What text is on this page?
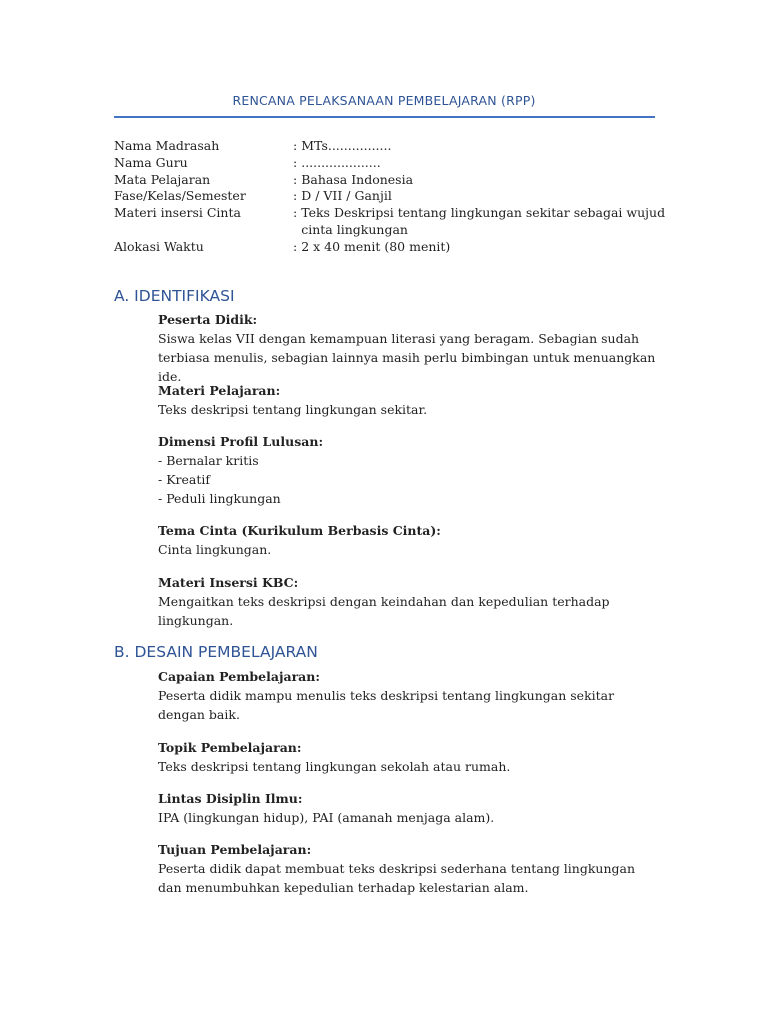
RENCANA PELAKSANAAN PEMBELAJARAN (RPP)
Nama Madrasah	: MTs................
Nama Guru	: ....................
Mata Pelajaran	: Bahasa Indonesia
Fase/Kelas/Semester	: D / VII / Ganjil
Materi insersi Cinta	: Teks Deskripsi tentang lingkungan sekitar sebagai wujud cinta lingkungan
Alokasi Waktu	: 2 x 40 menit (80 menit)
A. IDENTIFIKASI
Peserta Didik:
Siswa kelas VII dengan kemampuan literasi yang beragam. Sebagian sudah terbiasa menulis, sebagian lainnya masih perlu bimbingan untuk menuangkan ide.
Materi Pelajaran:
Teks deskripsi tentang lingkungan sekitar.
Dimensi Profil Lulusan:
- Bernalar kritis
- Kreatif
- Peduli lingkungan
Tema Cinta (Kurikulum Berbasis Cinta):
Cinta lingkungan.
Materi Insersi KBC:
Mengaitkan teks deskripsi dengan keindahan dan kepedulian terhadap lingkungan.
B. DESAIN PEMBELAJARAN
Capaian Pembelajaran:
Peserta didik mampu menulis teks deskripsi tentang lingkungan sekitar dengan baik.
Topik Pembelajaran:
Teks deskripsi tentang lingkungan sekolah atau rumah.
Lintas Disiplin Ilmu:
IPA (lingkungan hidup), PAI (amanah menjaga alam).
Tujuan Pembelajaran:
Peserta didik dapat membuat teks deskripsi sederhana tentang lingkungan dan menumbuhkan kepedulian terhadap kelestarian alam.
